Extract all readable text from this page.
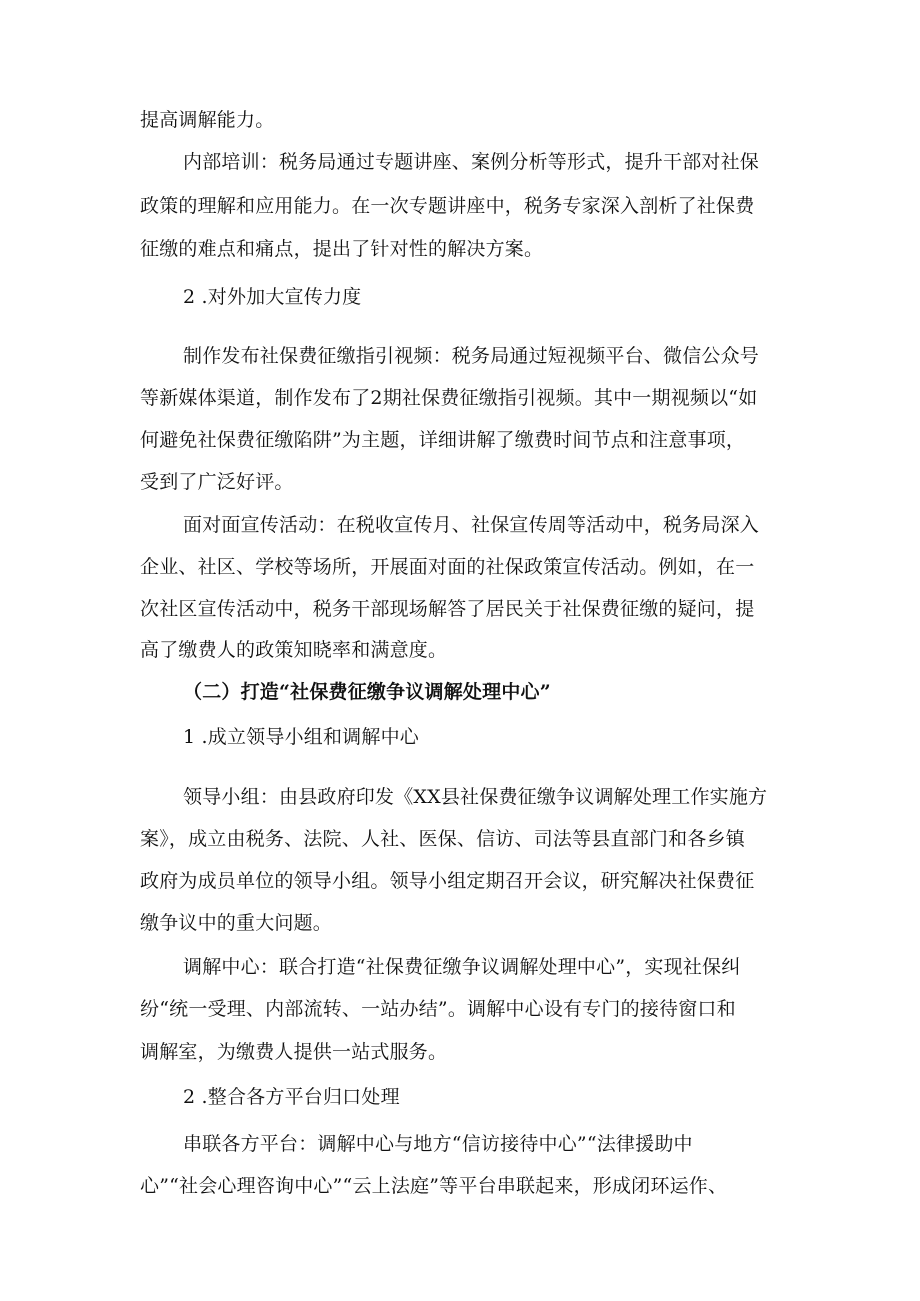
提高调解能力。
内部培训：税务局通过专题讲座、案例分析等形式，提升干部对社保
政策的理解和应用能力。在一次专题讲座中，税务专家深入剖析了社保费
征缴的难点和痛点，提出了针对性的解决方案。
2 .对外加大宣传力度
制作发布社保费征缴指引视频：税务局通过短视频平台、微信公众号
等新媒体渠道，制作发布了2期社保费征缴指引视频。其中一期视频以“如
何避免社保费征缴陷阱”为主题，详细讲解了缴费时间节点和注意事项，
受到了广泛好评。
面对面宣传活动：在税收宣传月、社保宣传周等活动中，税务局深入
企业、社区、学校等场所，开展面对面的社保政策宣传活动。例如，在一
次社区宣传活动中，税务干部现场解答了居民关于社保费征缴的疑问，提
高了缴费人的政策知晓率和满意度。
（二）打造“社保费征缴争议调解处理中心”
1 .成立领导小组和调解中心
领导小组：由县政府印发《XX县社保费征缴争议调解处理工作实施方
案》，成立由税务、法院、人社、医保、信访、司法等县直部门和各乡镇
政府为成员单位的领导小组。领导小组定期召开会议，研究解决社保费征
缴争议中的重大问题。
调解中心：联合打造“社保费征缴争议调解处理中心”，实现社保纠
纷“统一受理、内部流转、一站办结”。调解中心设有专门的接待窗口和
调解室，为缴费人提供一站式服务。
2 .整合各方平台归口处理
串联各方平台：调解中心与地方“信访接待中心”“法律援助中
心”“社会心理咨询中心”“云上法庭”等平台串联起来，形成闭环运作、
